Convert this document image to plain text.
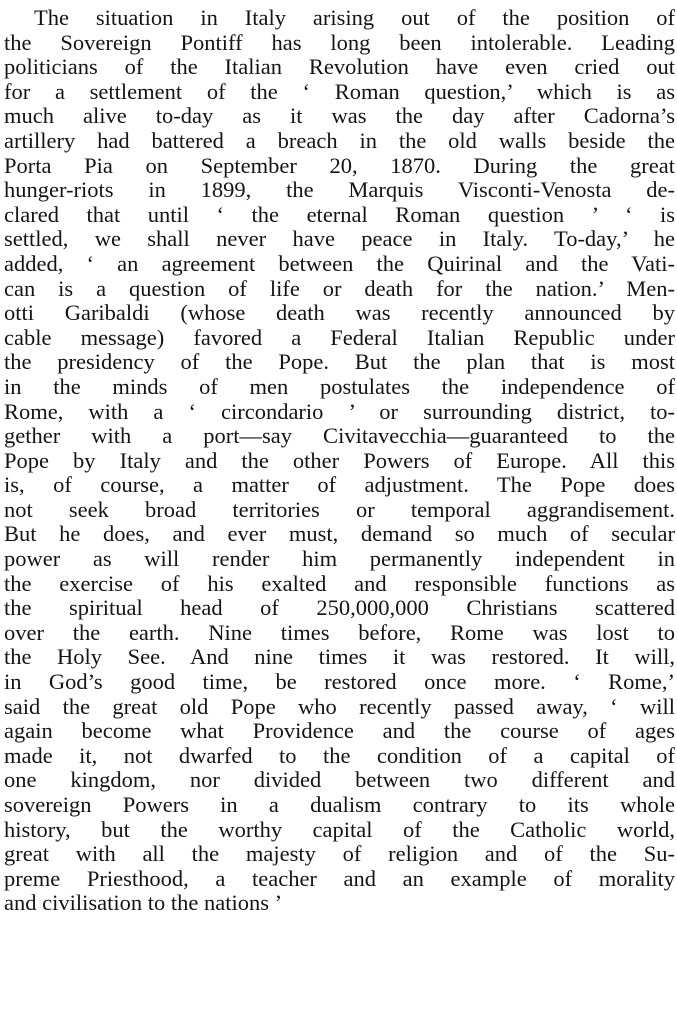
The situation in Italy arising out of the position of
the Sovereign Pontiff has long been intolerable. Leading
politicians of the Italian Revolution have even cried out
for a settlement of the ‘ Roman question,’ which is as
much alive to-day as it was the day after Cadorna’s
artillery had battered a breach in the old walls beside the
Porta Pia on September 20, 1870. During the great
hunger-riots in 1899, the Marquis Visconti-Venosta de-
clared that until ‘ the eternal Roman question ’ ‘ is
settled, we shall never have peace in Italy. To-day,’ he
added, ‘ an agreement between the Quirinal and the Vati-
can is a question of life or death for the nation.’ Men-
otti Garibaldi (whose death was recently announced by
cable message) favored a Federal Italian Republic under
the presidency of the Pope. But the plan that is most
in the minds of men postulates the independence of
Rome, with a ‘ circondario ’ or surrounding district, to-
gether with a port—say Civitavecchia—guaranteed to the
Pope by Italy and the other Powers of Europe. All this
is, of course, a matter of adjustment. The Pope does
not seek broad territories or temporal aggrandisement.
But he does, and ever must, demand so much of secular
power as will render him permanently independent in
the exercise of his exalted and responsible functions as
the spiritual head of 250,000,000 Christians scattered
over the earth. Nine times before, Rome was lost to
the Holy See. And nine times it was restored. It will,
in God’s good time, be restored once more. ‘ Rome,’
said the great old Pope who recently passed away, ‘ will
again become what Providence and the course of ages
made it, not dwarfed to the condition of a capital of
one kingdom, nor divided between two different and
sovereign Powers in a dualism contrary to its whole
history, but the worthy capital of the Catholic world,
great with all the majesty of religion and of the Su-
preme Priesthood, a teacher and an example of morality
and civilisation to the nations ’
